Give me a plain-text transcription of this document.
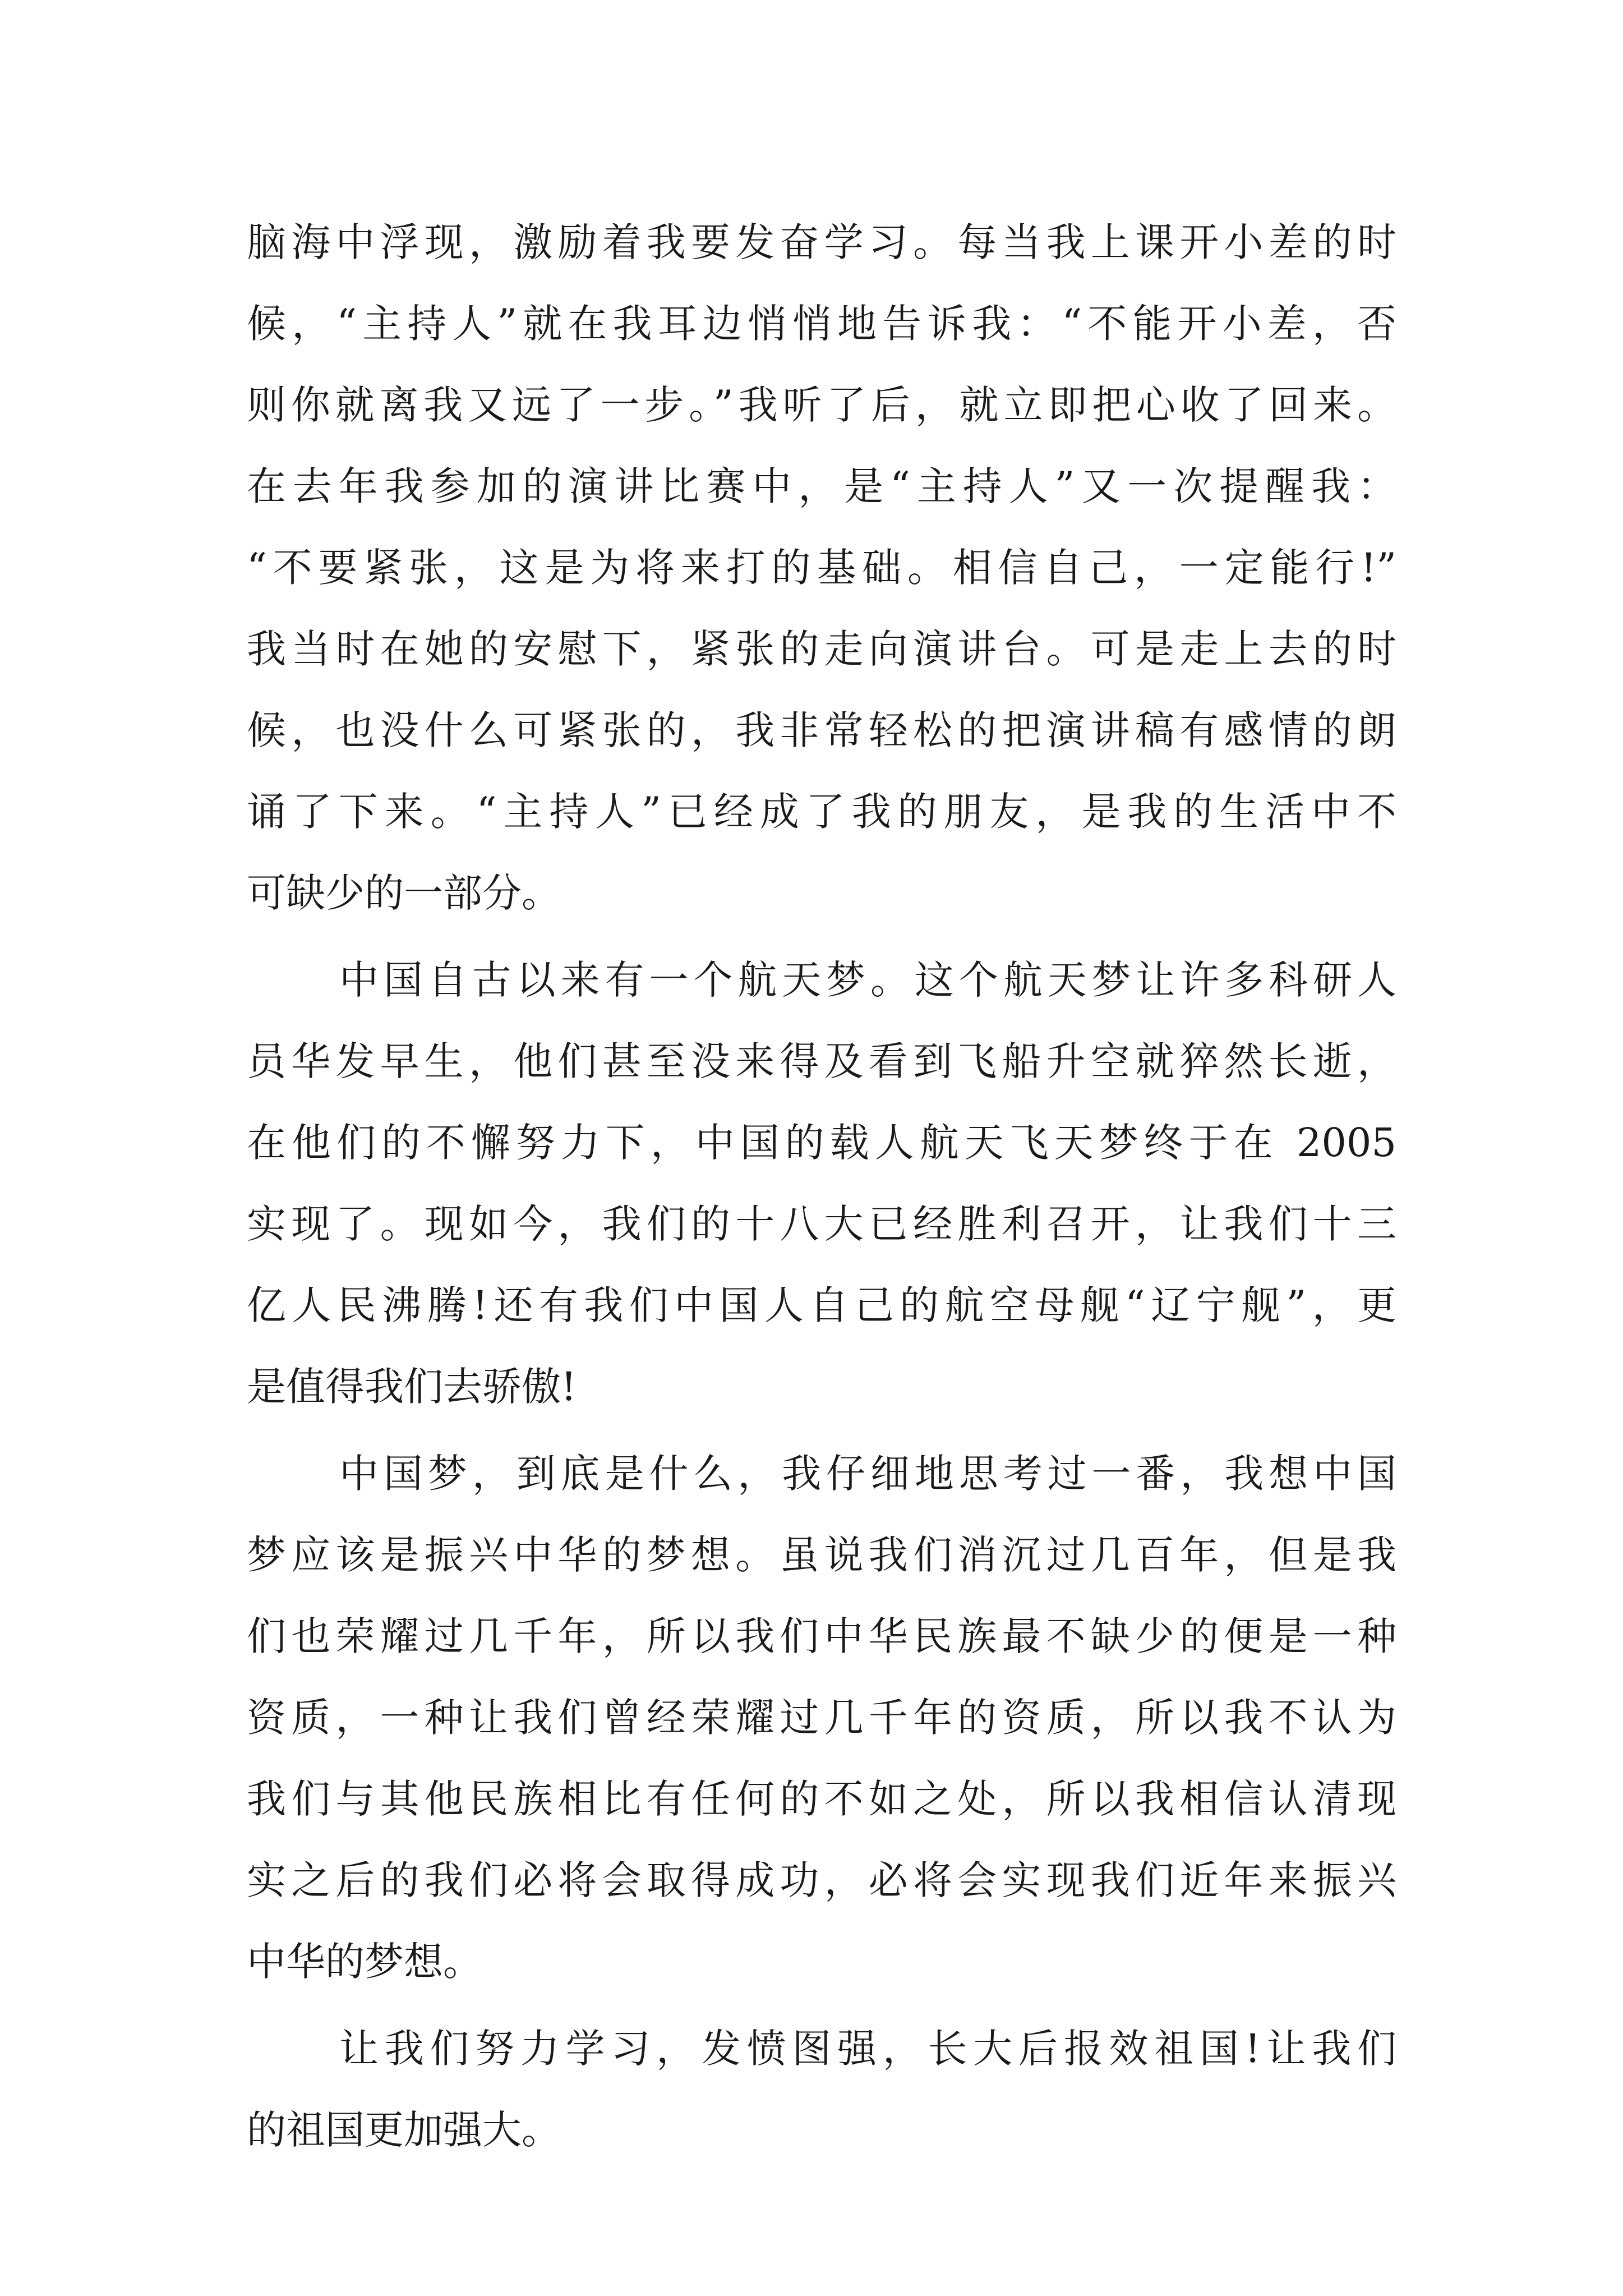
脑海中浮现，激励着我要发奋学习。每当我上课开小差的时
候，“主持人”就在我耳边悄悄地告诉我：“不能开小差，否
则你就离我又远了一步。”我听了后，就立即把心收了回来。
在去年我参加的演讲比赛中，是“主持人”又一次提醒我：
“不要紧张，这是为将来打的基础。相信自己，一定能行!”
我当时在她的安慰下，紧张的走向演讲台。可是走上去的时
候，也没什么可紧张的，我非常轻松的把演讲稿有感情的朗
诵了下来。“主持人”已经成了我的朋友，是我的生活中不
可缺少的一部分。
中国自古以来有一个航天梦。这个航天梦让许多科研人
员华发早生，他们甚至没来得及看到飞船升空就猝然长逝，
在他们的不懈努力下，中国的载人航天飞天梦终于在 2005
实现了。现如今，我们的十八大已经胜利召开，让我们十三
亿人民沸腾!还有我们中国人自己的航空母舰“辽宁舰”，更
是值得我们去骄傲!
中国梦，到底是什么，我仔细地思考过一番，我想中国
梦应该是振兴中华的梦想。虽说我们消沉过几百年，但是我
们也荣耀过几千年，所以我们中华民族最不缺少的便是一种
资质，一种让我们曾经荣耀过几千年的资质，所以我不认为
我们与其他民族相比有任何的不如之处，所以我相信认清现
实之后的我们必将会取得成功，必将会实现我们近年来振兴
中华的梦想。
让我们努力学习，发愤图强，长大后报效祖国!让我们
的祖国更加强大。
